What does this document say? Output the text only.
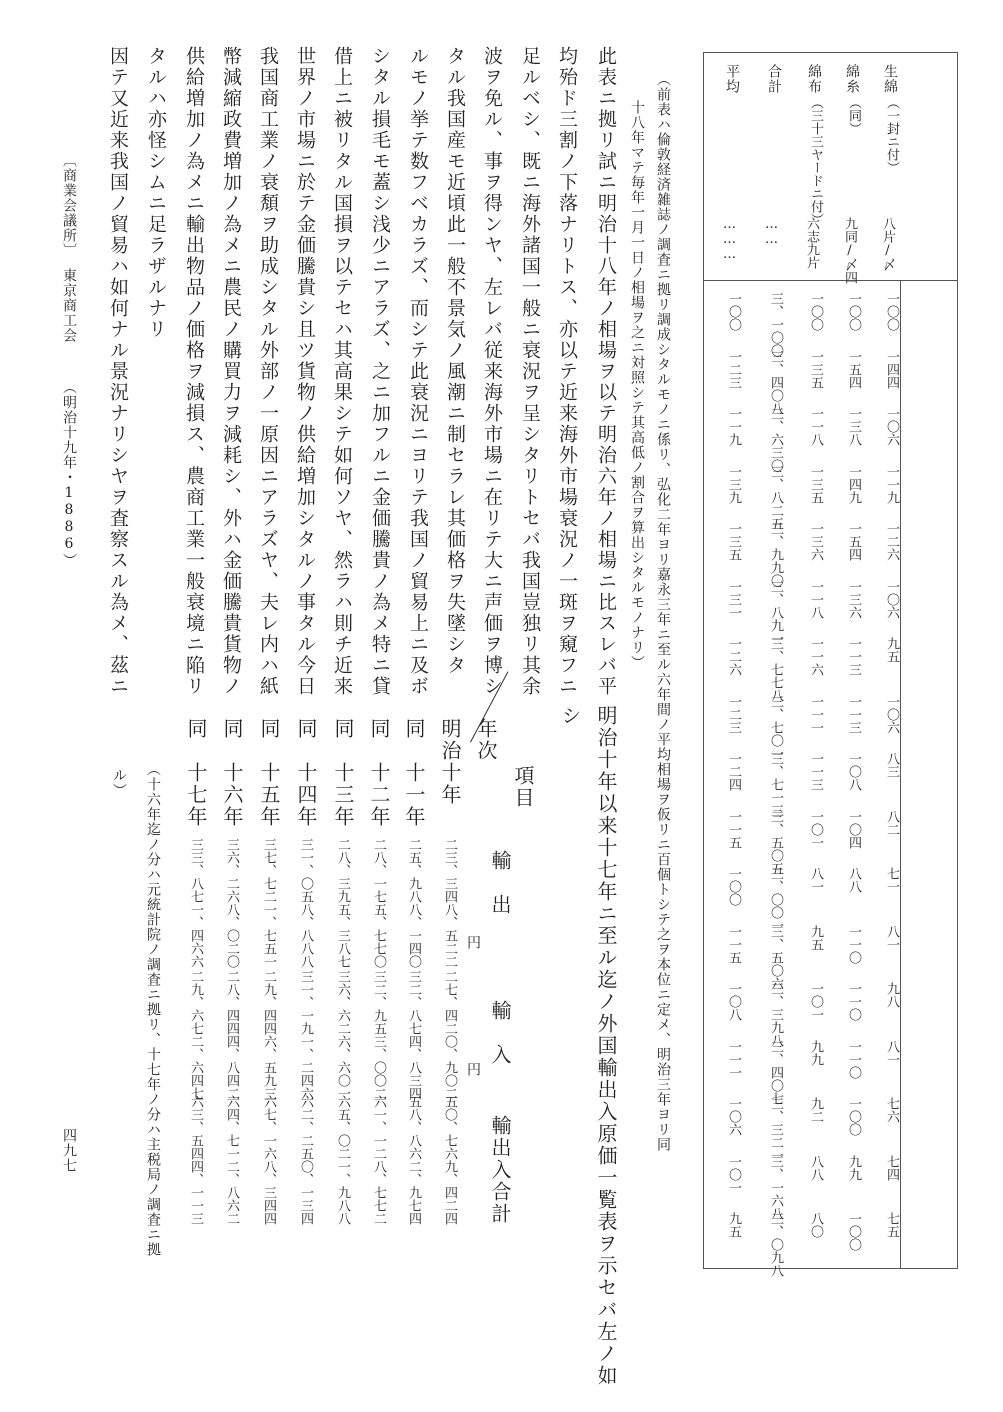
生綿
（一封ニ付）
八片/〆
綿糸
（同）
九同/〆四
綿布
（三十三ヤードニ付）
六志九片
合計
……
平均
………
一〇〇
一〇〇
一〇〇
三、一〇〇
一〇〇
一四四
一五四
一三五
三、四〇八
一二三
一〇六
一三八
一一八
三、六三〇
一一九
一一九
一四九
一三五
三、八二五
一三九
一二六
一五四
一三六
三、九九〇
一三五
一〇六
一三六
一一八
三、八九一
一三一
九五
一一三
一一六
三、七七八
一二六
一〇六
一一三
一一一
三、七〇一
一二三
八三
一〇八
一一三
三、七一三
一二四
八二
一〇四
一〇一
三、五〇五
一一五
七一
八八
八一
三、〇〇一
一〇〇
八一
一一〇
九五
三、五〇六
一一五
九八
一一〇
一〇一
三、三九八
一〇八
八一
一一〇
九九
三、四〇七
一一一
七六
一〇〇
九二
三、三二一
一〇六
七四
九九
八八
三、一六八
一〇一
七五
一〇〇
八〇
三、〇九八
九五
（前表ハ倫敦経済雑誌ノ調査ニ拠リ調成シタルモノニ係リ、弘化二年ヨリ嘉永三年ニ至ル六年間ノ平均相場ヲ仮リニ百個トシテ之ヲ本位ニ定メ、明治三年ヨリ同
十八年マテ毎年一月一日ノ相場ヲ之ニ対照シテ其高低ノ割合ヲ算出シタルモノナリ）
明治十年以来十七年ニ至ル迄ノ外国輸出入原価一覧表ヲ示セバ左ノ如
シ
此表ニ拠リ試ニ明治十八年ノ相場ヲ以テ明治六年ノ相場ニ比スレバ平
均殆ド三割ノ下落ナリトス、亦以テ近来海外市場衰況ノ一斑ヲ窺フニ
足ルベシ、既ニ海外諸国一般ニ衰況ヲ呈シタリトセバ我国豈独リ其余
波ヲ免ル、事ヲ得ンヤ、左レバ従来海外市場ニ在リテ大ニ声価ヲ博シ
タル我国産モ近頃此一般不景気ノ風潮ニ制セラレ其価格ヲ失墜シタ
ルモノ挙テ数フベカラズ、而シテ此衰況ニヨリテ我国ノ貿易上ニ及ボ
シタル損毛モ蓋シ浅少ニアラズ、之ニ加フルニ金価騰貴ノ為メ特ニ貸
借上ニ被リタル国損ヲ以テセハ其高果シテ如何ソヤ、然ラハ則チ近来
世界ノ市場ニ於テ金価騰貴シ且ツ貨物ノ供給増加シタルノ事タル今日
我国商工業ノ衰頽ヲ助成シタル外部ノ一原因ニアラズヤ、夫レ内ハ紙
幣減縮政費増加ノ為メニ農民ノ購買力ヲ減耗シ、外ハ金価騰貴貨物ノ
供給増加ノ為メニ輸出物品ノ価格ヲ減損ス、農商工業一般衰境ニ陥リ
タルハ亦怪シムニ足ラザルナリ
因テ又近来我国ノ貿易ハ如何ナル景況ナリシヤヲ査察スル為メ、茲ニ
項目
年次
輸　出
輸　入
輸出入合計
円
円
明治十年
二三、三四八、五二二
二七、四二〇、九〇二
五〇、七六九、四二四
同　十一年
二五、九八八、一四〇
三二、八七四、八三四
五八、八六二、九七四
同　十二年
二八、一七五、七七〇
三二、九五三、〇〇二
六一、一二八、七七二
同　十三年
二八、三九五、三八七
三六、六二六、六〇一
六五、〇二一、九八八
同　十四年
三一、〇五八、八八八
三一、一九一、二四六
六二、二五〇、一三四
同　十五年
三七、七二一、七五一
二九、四四六、五九三
六七、一六八、三四四
同　十六年
三六、二六八、〇二〇
二八、四四四、八四二
六四、七一二、八六二
同　十七年
三三、八七一、四六六
二九、六七二、六四七
六三、五四四、一一三
（十六年迄ノ分ハ元統計院ノ調査ニ拠リ、十七年ノ分ハ主税局ノ調査ニ拠
ル）
〔商業会議所〕
東京商工会
（明治十九年・1886）
四九七
